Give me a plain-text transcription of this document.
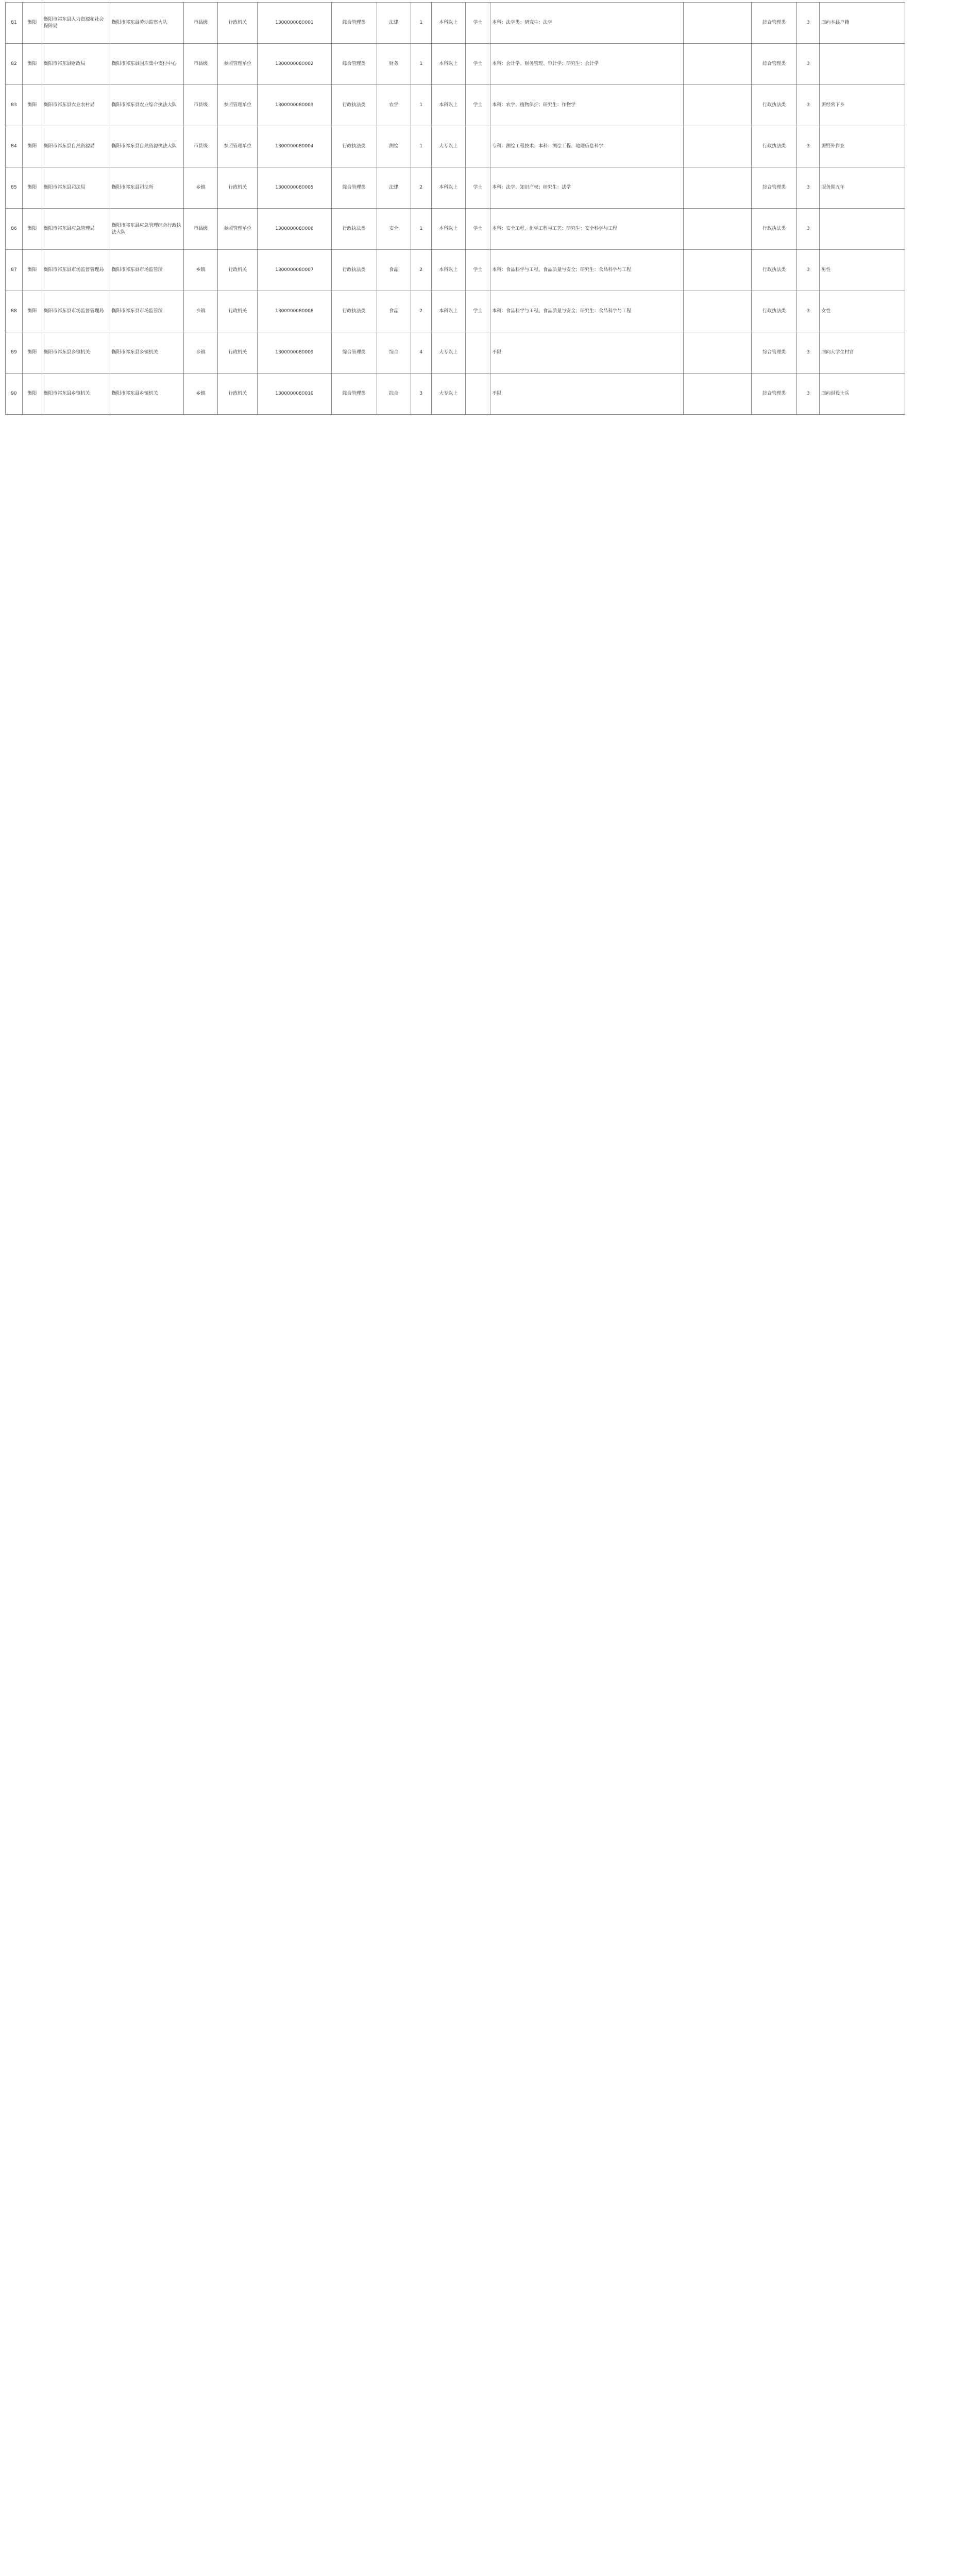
81	衡阳	衡阳市祁东县人力资源和社会保障局	衡阳市祁东县劳动监察大队	市县级	行政机关	1300000080001	综合管理类	法律	1	本科以上	学士	本科：法学类；研究生：法学		综合管理类	3	面向本县户籍
82	衡阳	衡阳市祁东县财政局	衡阳市祁东县国库集中支付中心	市县级	参照管理单位	1300000080002	综合管理类	财务	1	本科以上	学士	本科：会计学、财务管理、审计学；研究生：会计学		综合管理类	3	
83	衡阳	衡阳市祁东县农业农村局	衡阳市祁东县农业综合执法大队	市县级	参照管理单位	1300000080003	行政执法类	农学	1	本科以上	学士	本科：农学、植物保护；研究生：作物学		行政执法类	3	需经常下乡
84	衡阳	衡阳市祁东县自然资源局	衡阳市祁东县自然资源执法大队	市县级	参照管理单位	1300000080004	行政执法类	测绘	1	大专以上		专科：测绘工程技术；本科：测绘工程、地理信息科学		行政执法类	3	需野外作业
85	衡阳	衡阳市祁东县司法局	衡阳市祁东县司法所	乡镇	行政机关	1300000080005	综合管理类	法律	2	本科以上	学士	本科：法学、知识产权；研究生：法学		综合管理类	3	服务期五年
86	衡阳	衡阳市祁东县应急管理局	衡阳市祁东县应急管理综合行政执法大队	市县级	参照管理单位	1300000080006	行政执法类	安全	1	本科以上	学士	本科：安全工程、化学工程与工艺；研究生：安全科学与工程		行政执法类	3	
87	衡阳	衡阳市祁东县市场监督管理局	衡阳市祁东县市场监管所	乡镇	行政机关	1300000080007	行政执法类	食品	2	本科以上	学士	本科：食品科学与工程、食品质量与安全；研究生：食品科学与工程		行政执法类	3	男性
88	衡阳	衡阳市祁东县市场监督管理局	衡阳市祁东县市场监管所	乡镇	行政机关	1300000080008	行政执法类	食品	2	本科以上	学士	本科：食品科学与工程、食品质量与安全；研究生：食品科学与工程		行政执法类	3	女性
89	衡阳	衡阳市祁东县乡镇机关	衡阳市祁东县乡镇机关	乡镇	行政机关	1300000080009	综合管理类	综合	4	大专以上		不限		综合管理类	3	面向大学生村官
90	衡阳	衡阳市祁东县乡镇机关	衡阳市祁东县乡镇机关	乡镇	行政机关	1300000080010	综合管理类	综合	3	大专以上		不限		综合管理类	3	面向退役士兵
